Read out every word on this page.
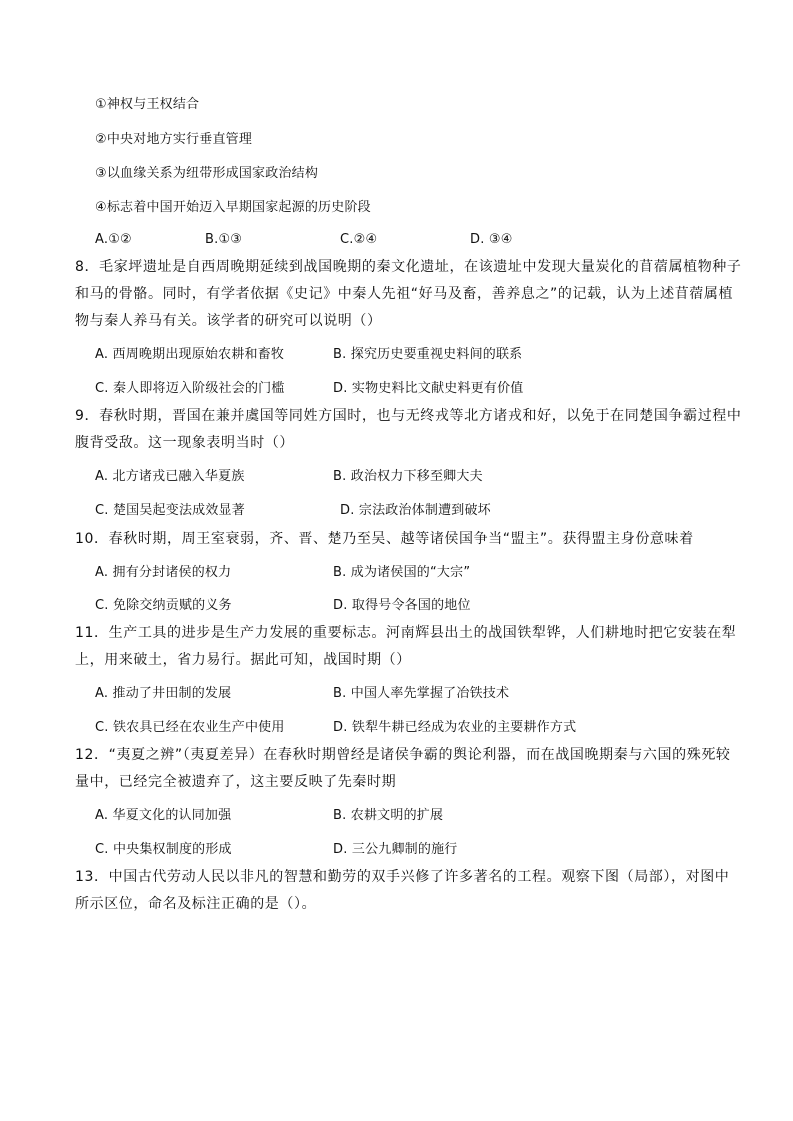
①神权与王权结合
②中央对地方实行垂直管理
③以血缘关系为纽带形成国家政治结构
④标志着中国开始迈入早期国家起源的历史阶段
A.①②	B.①③	C.②④	D. ③④
8．毛家坪遗址是自西周晚期延续到战国晚期的秦文化遗址，在该遗址中发现大量炭化的苜蓿属植物种子
和马的骨骼。同时，有学者依据《史记》中秦人先祖“好马及畜，善养息之”的记载，认为上述苜蓿属植
物与秦人养马有关。该学者的研究可以说明（）
A. 西周晚期出现原始农耕和畜牧	B. 探究历史要重视史料间的联系
C. 秦人即将迈入阶级社会的门槛	D. 实物史料比文献史料更有价值
9．春秋时期，晋国在兼并虞国等同姓方国时，也与无终戎等北方诸戎和好，以免于在同楚国争霸过程中
腹背受敌。这一现象表明当时（）
A. 北方诸戎已融入华夏族	B. 政治权力下移至卿大夫
C. 楚国吴起变法成效显著	D. 宗法政治体制遭到破坏
10．春秋时期，周王室衰弱，齐、晋、楚乃至吴、越等诸侯国争当“盟主”。获得盟主身份意味着
A. 拥有分封诸侯的权力	B. 成为诸侯国的“大宗”
C. 免除交纳贡赋的义务	D. 取得号令各国的地位
11．生产工具的进步是生产力发展的重要标志。河南辉县出土的战国铁犁铧，人们耕地时把它安装在犁
上，用来破土，省力易行。据此可知，战国时期（）
A. 推动了井田制的发展	B. 中国人率先掌握了冶铁技术
C. 铁农具已经在农业生产中使用	D. 铁犁牛耕已经成为农业的主要耕作方式
12．“夷夏之辨”（夷夏差异）在春秋时期曾经是诸侯争霸的舆论利器，而在战国晚期秦与六国的殊死较
量中，已经完全被遗弃了，这主要反映了先秦时期
A. 华夏文化的认同加强	B. 农耕文明的扩展
C. 中央集权制度的形成	D. 三公九卿制的施行
13．中国古代劳动人民以非凡的智慧和勤劳的双手兴修了许多著名的工程。观察下图（局部），对图中
所示区位，命名及标注正确的是（）。
